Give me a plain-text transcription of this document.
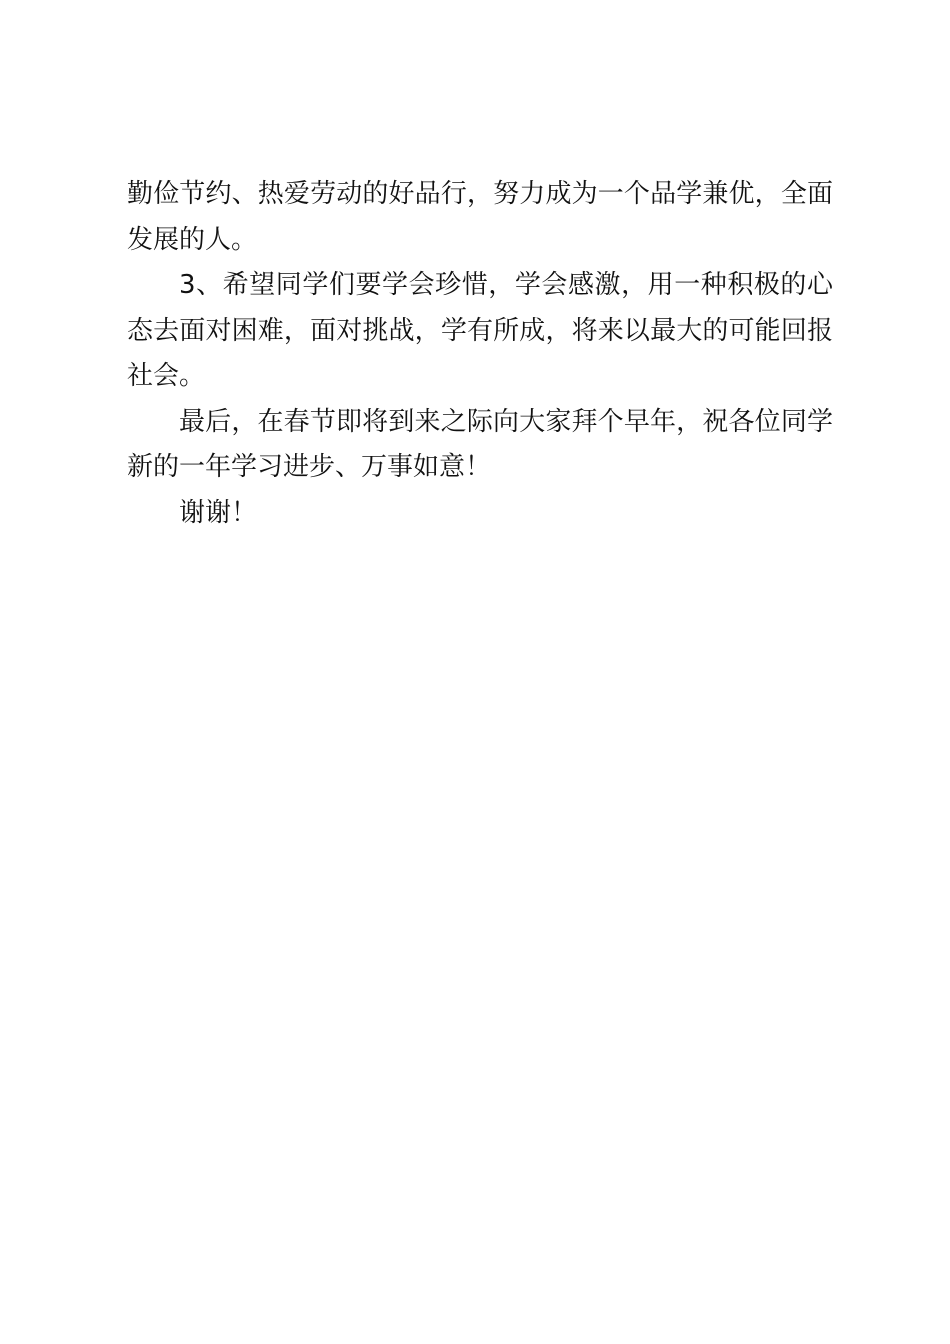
勤俭节约、热爱劳动的好品行，努力成为一个品学兼优，全面发展的人。

3、希望同学们要学会珍惜，学会感激，用一种积极的心态去面对困难，面对挑战，学有所成，将来以最大的可能回报社会。

最后，在春节即将到来之际向大家拜个早年，祝各位同学新的一年学习进步、万事如意！

谢谢！
